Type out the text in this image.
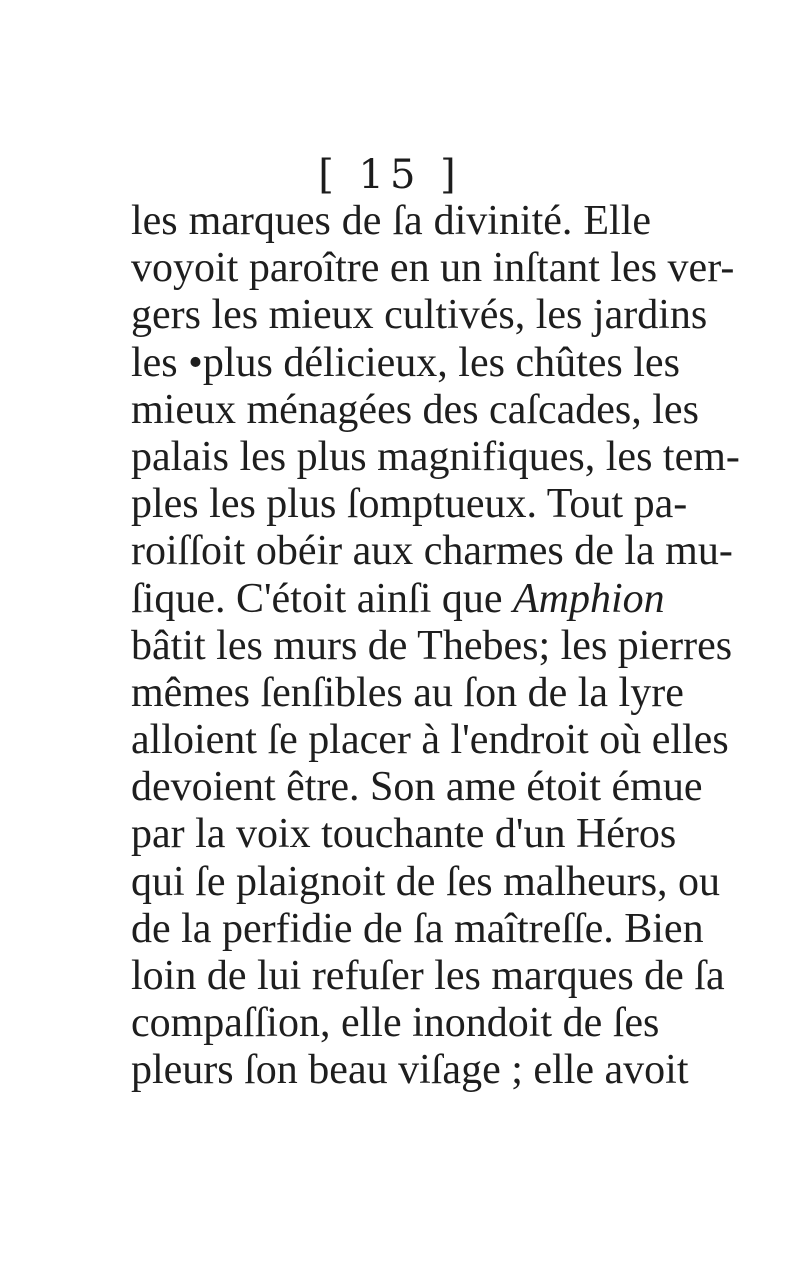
[ 15 ]
les marques de ſa divinité. Elle
voyoit paroître en un inſtant les ver-
gers les mieux cultivés, les jardins
les •plus délicieux, les chûtes les
mieux ménagées des caſcades, les
palais les plus magnifiques, les tem-
ples les plus ſomptueux. Tout pa-
roiſſoit obéir aux charmes de la mu-
ſique. C'étoit ainſi que Amphion
bâtit les murs de Thebes; les pierres
mêmes ſenſibles au ſon de la lyre
alloient ſe placer à l'endroit où elles
devoient être. Son ame étoit émue
par la voix touchante d'un Héros
qui ſe plaignoit de ſes malheurs, ou
de la perfidie de ſa maîtreſſe. Bien
loin de lui refuſer les marques de ſa
compaſſion, elle inondoit de ſes
pleurs ſon beau viſage ; elle avoit
